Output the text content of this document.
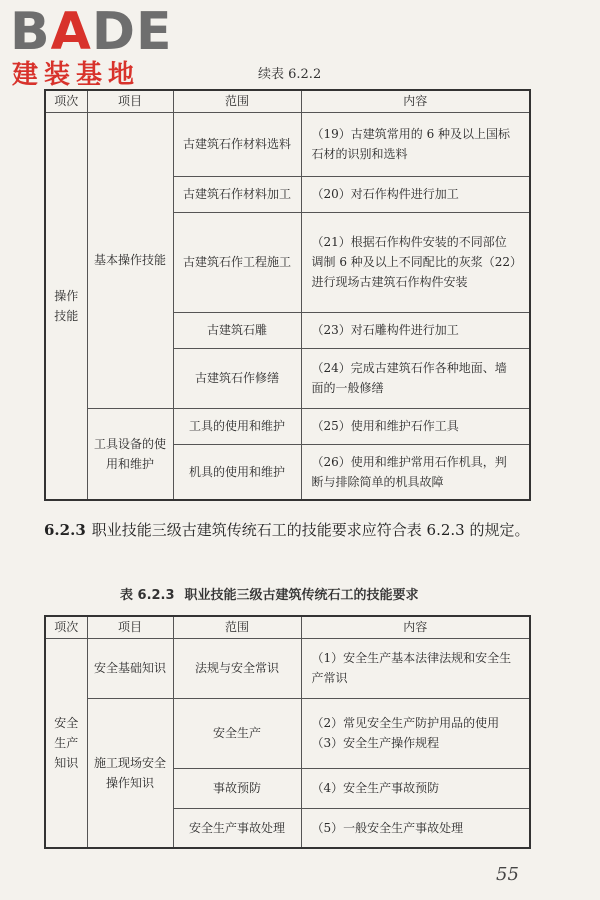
BADE
建装基地	续表 6.2.2
项次	项目	范围	内容
操作技能	基本操作技能	古建筑石作材料选料	（19）古建筑常用的 6 种及以上国标石材的识别和选料
		古建筑石作材料加工	（20）对石作构件进行加工
		古建筑石作工程施工	（21）根据石作构件安装的不同部位调制 6 种及以上不同配比的灰浆（22）进行现场古建筑石作构件安装
		古建筑石雕	（23）对石雕构件进行加工
		古建筑石作修缮	（24）完成古建筑石作各种地面、墙面的一般修缮
	工具设备的使用和维护	工具的使用和维护	（25）使用和维护石作工具
		机具的使用和维护	（26）使用和维护常用石作机具，判断与排除简单的机具故障
6.2.3 职业技能三级古建筑传统石工的技能要求应符合表 6.2.3 的规定。
表 6.2.3 职业技能三级古建筑传统石工的技能要求
项次	项目	范围	内容
安全生产知识	安全基础知识	法规与安全常识	（1）安全生产基本法律法规和安全生产常识
	施工现场安全操作知识	安全生产	（2）常见安全生产防护用品的使用（3）安全生产操作规程
		事故预防	（4）安全生产事故预防
		安全生产事故处理	（5）一般安全生产事故处理
55
